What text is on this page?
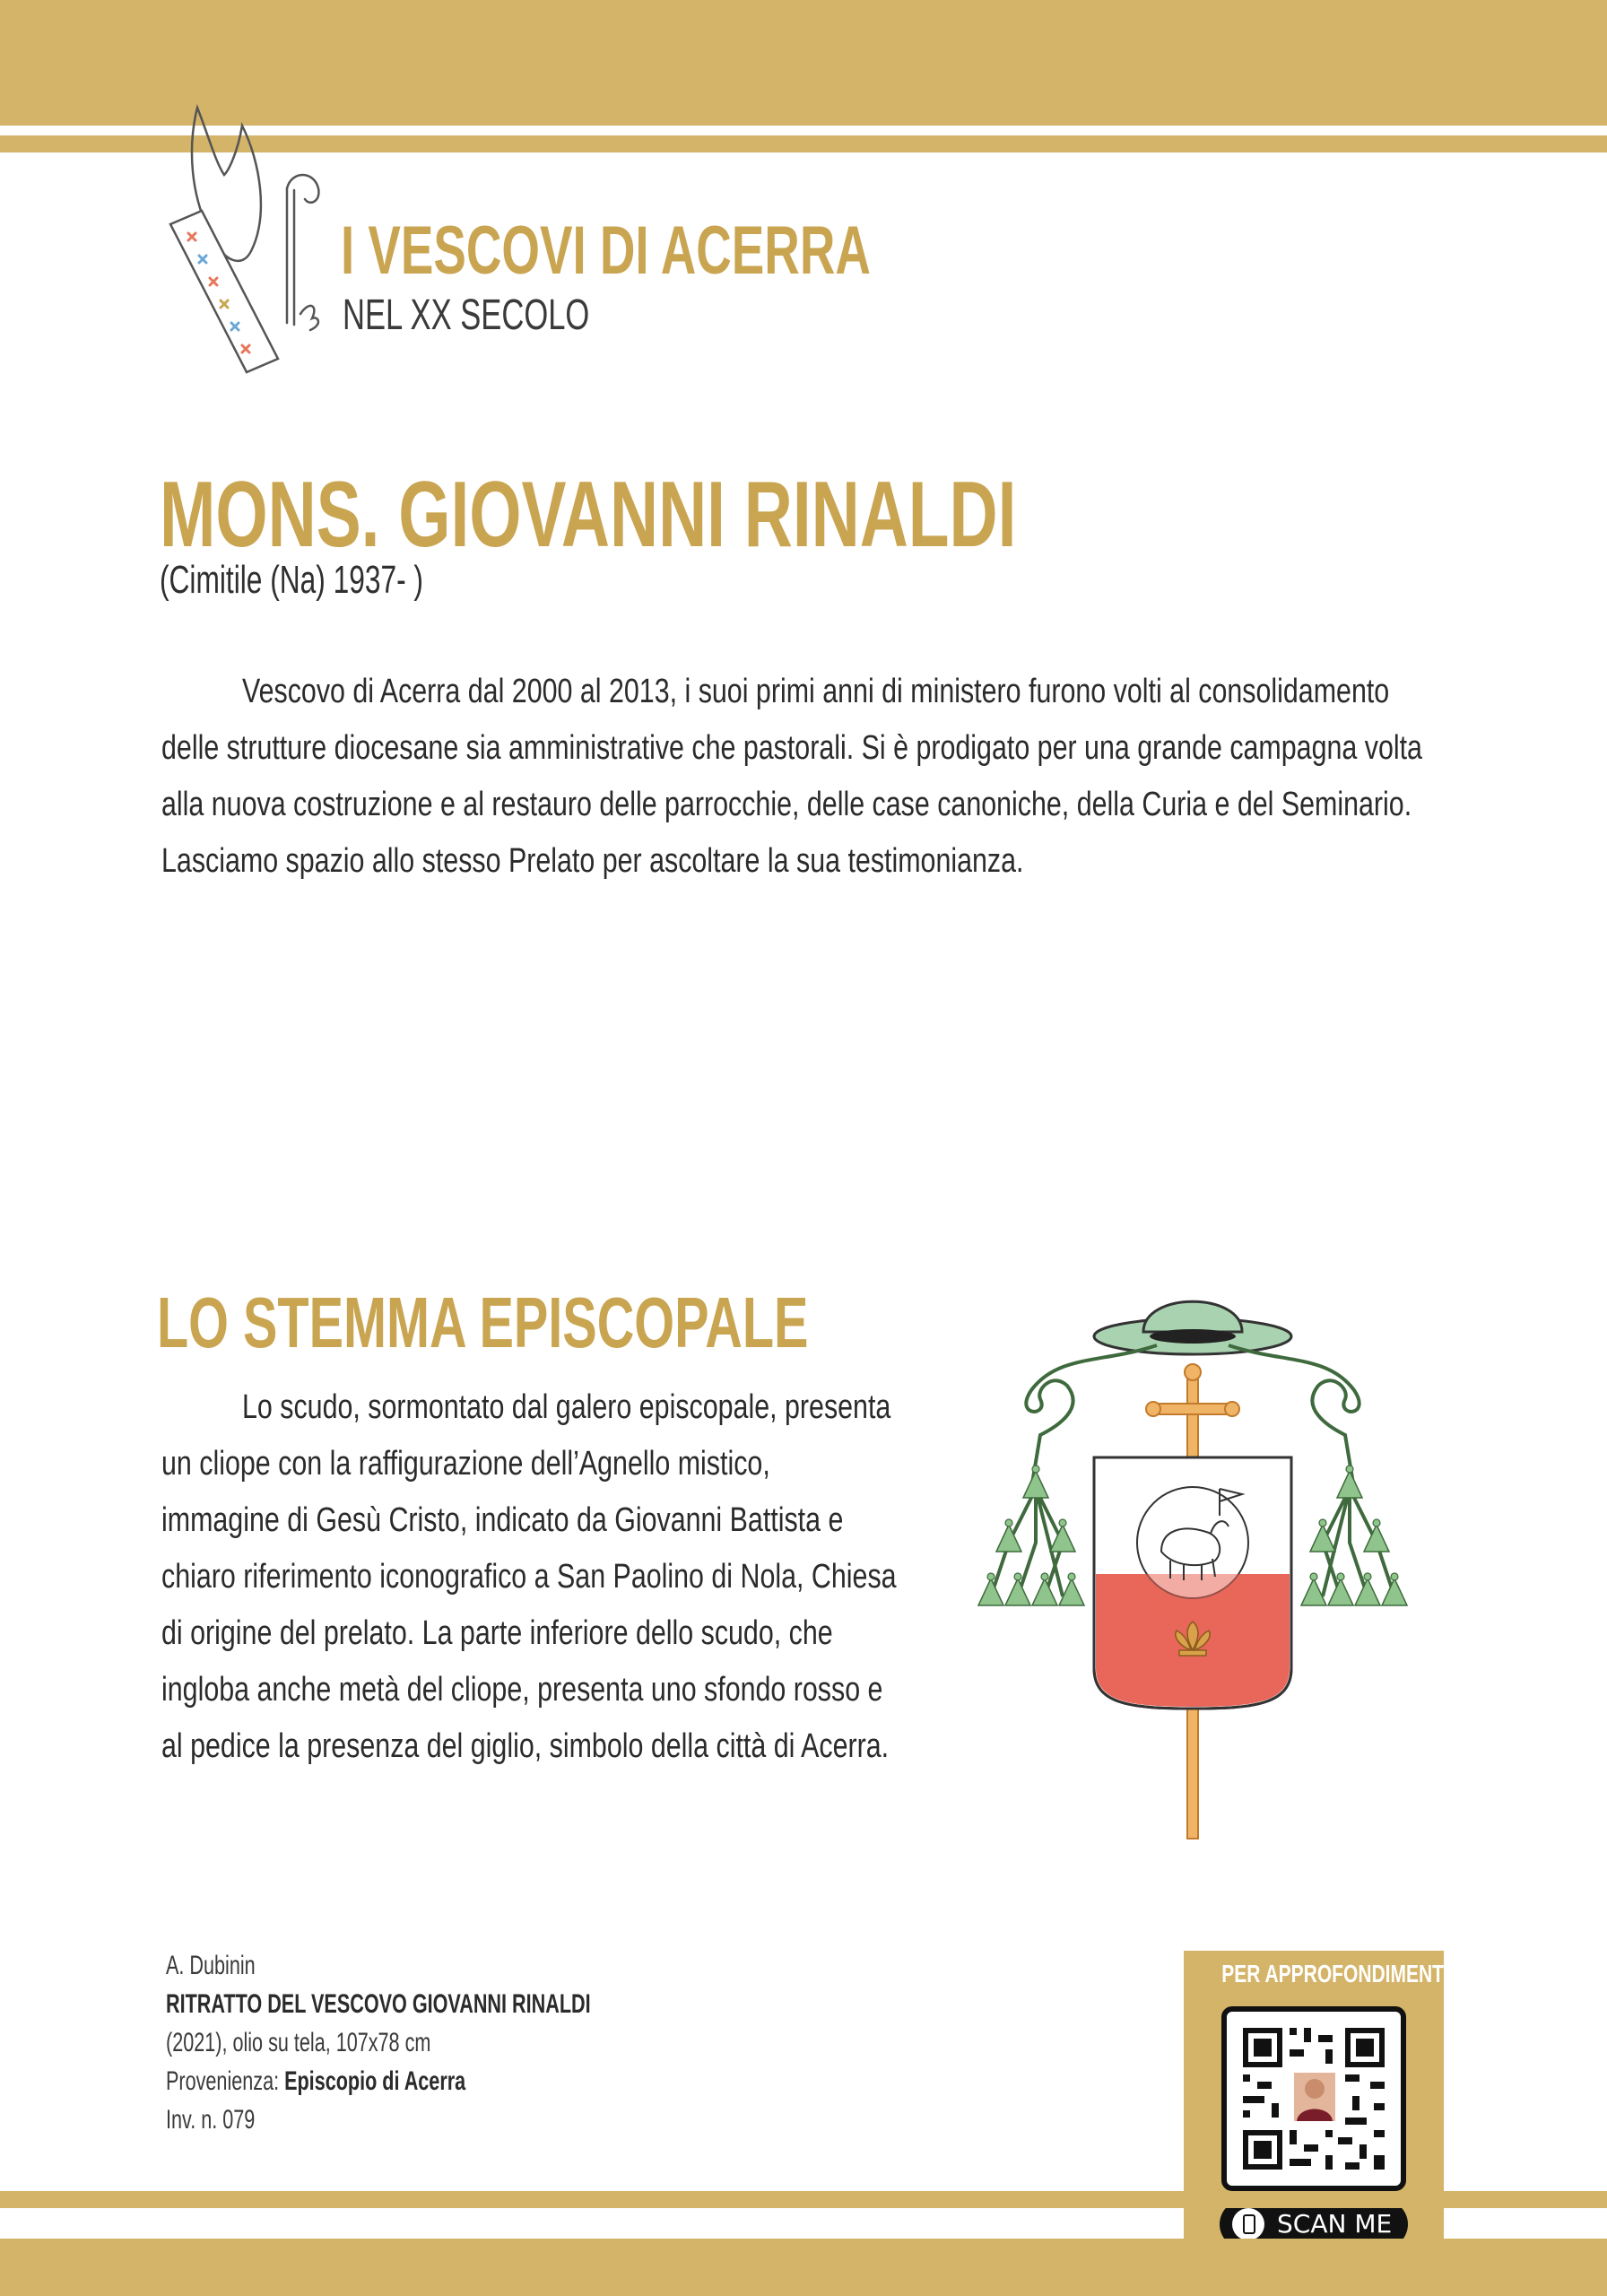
I VESCOVI DI ACERRA
NEL XX SECOLO
MONS. GIOVANNI RINALDI
(Cimitile (Na) 1937- )
Vescovo di Acerra dal 2000 al 2013, i suoi primi anni di ministero furono volti al consolidamento
delle strutture diocesane sia amministrative che pastorali. Si è prodigato per una grande campagna volta
alla nuova costruzione e al restauro delle parrocchie, delle case canoniche, della Curia e del Seminario.
Lasciamo spazio allo stesso Prelato per ascoltare la sua testimonianza.
LO STEMMA EPISCOPALE
Lo scudo, sormontato dal galero episcopale, presenta
un cliope con la raffigurazione dell’Agnello mistico,
immagine di Gesù Cristo, indicato da Giovanni Battista e
chiaro riferimento iconografico a San Paolino di Nola, Chiesa
di origine del prelato. La parte inferiore dello scudo, che
ingloba anche metà del cliope, presenta uno sfondo rosso e
al pedice la presenza del giglio, simbolo della città di Acerra.
A. Dubinin
RITRATTO DEL VESCOVO GIOVANNI RINALDI
(2021), olio su tela, 107x78 cm
Provenienza: Episcopio di Acerra
Inv. n. 079
PER APPROFONDIMENTI
SCAN ME
